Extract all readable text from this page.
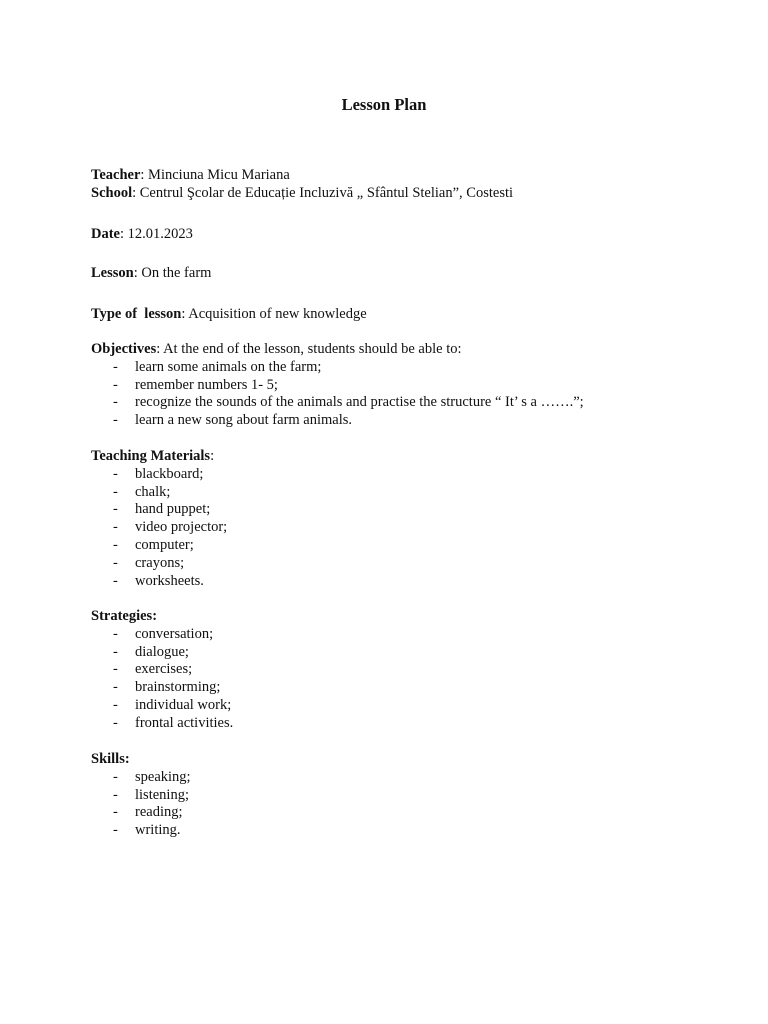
Lesson Plan
Teacher: Minciuna Micu Mariana
School: Centrul Şcolar de Educație Incluzivă „ Sfântul Stelian”, Costesti
Date: 12.01.2023
Lesson: On the farm
Type of  lesson: Acquisition of new knowledge
Objectives: At the end of the lesson, students should be able to:
- learn some animals on the farm;
- remember numbers 1- 5;
- recognize the sounds of the animals and practise the structure “ It’ s a …….”;
- learn a new song about farm animals.
Teaching Materials:
- blackboard;
- chalk;
- hand puppet;
- video projector;
- computer;
- crayons;
- worksheets.
Strategies:
- conversation;
- dialogue;
- exercises;
- brainstorming;
- individual work;
- frontal activities.
Skills:
- speaking;
- listening;
- reading;
- writing.
